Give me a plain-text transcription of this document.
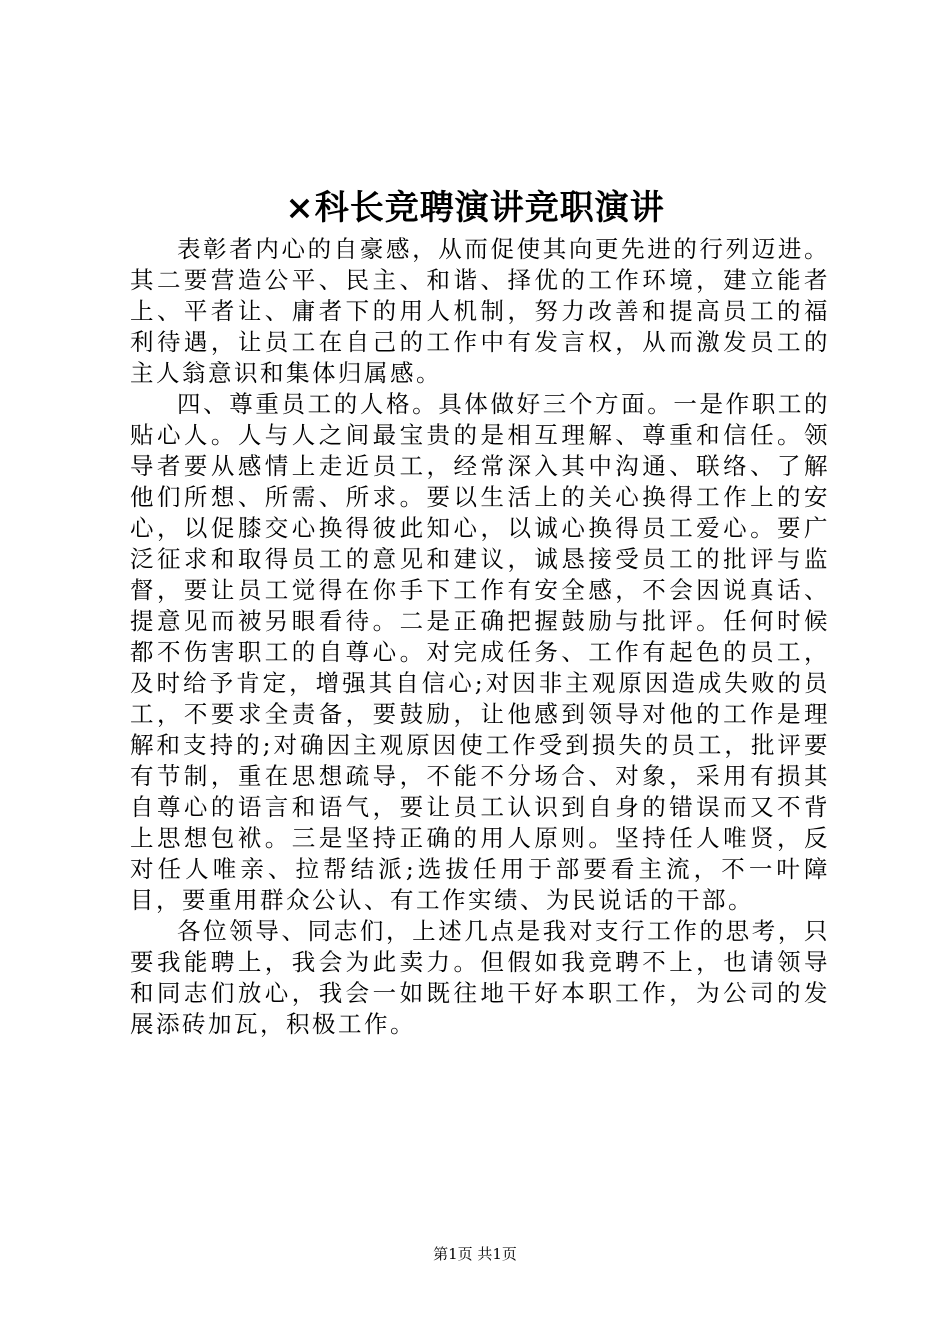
×科长竞聘演讲竞职演讲

表彰者内心的自豪感，从而促使其向更先进的行列迈进。其二要营造公平、民主、和谐、择优的工作环境，建立能者上、平者让、庸者下的用人机制，努力改善和提高员工的福利待遇，让员工在自己的工作中有发言权，从而激发员工的主人翁意识和集体归属感。

四、尊重员工的人格。具体做好三个方面。一是作职工的贴心人。人与人之间最宝贵的是相互理解、尊重和信任。领导者要从感情上走近员工，经常深入其中沟通、联络、了解他们所想、所需、所求。要以生活上的关心换得工作上的安心，以促膝交心换得彼此知心，以诚心换得员工爱心。要广泛征求和取得员工的意见和建议，诚恳接受员工的批评与监督，要让员工觉得在你手下工作有安全感，不会因说真话、提意见而被另眼看待。二是正确把握鼓励与批评。任何时候都不伤害职工的自尊心。对完成任务、工作有起色的员工，及时给予肯定，增强其自信心;对因非主观原因造成失败的员工，不要求全责备，要鼓励，让他感到领导对他的工作是理解和支持的;对确因主观原因使工作受到损失的员工，批评要有节制，重在思想疏导，不能不分场合、对象，采用有损其自尊心的语言和语气，要让员工认识到自身的错误而又不背上思想包袱。三是坚持正确的用人原则。坚持任人唯贤，反对任人唯亲、拉帮结派;选拔任用于部要看主流，不一叶障目，要重用群众公认、有工作实绩、为民说话的干部。

各位领导、同志们，上述几点是我对支行工作的思考，只要我能聘上，我会为此卖力。但假如我竞聘不上，也请领导和同志们放心，我会一如既往地干好本职工作，为公司的发展添砖加瓦，积极工作。

第1页 共1页
